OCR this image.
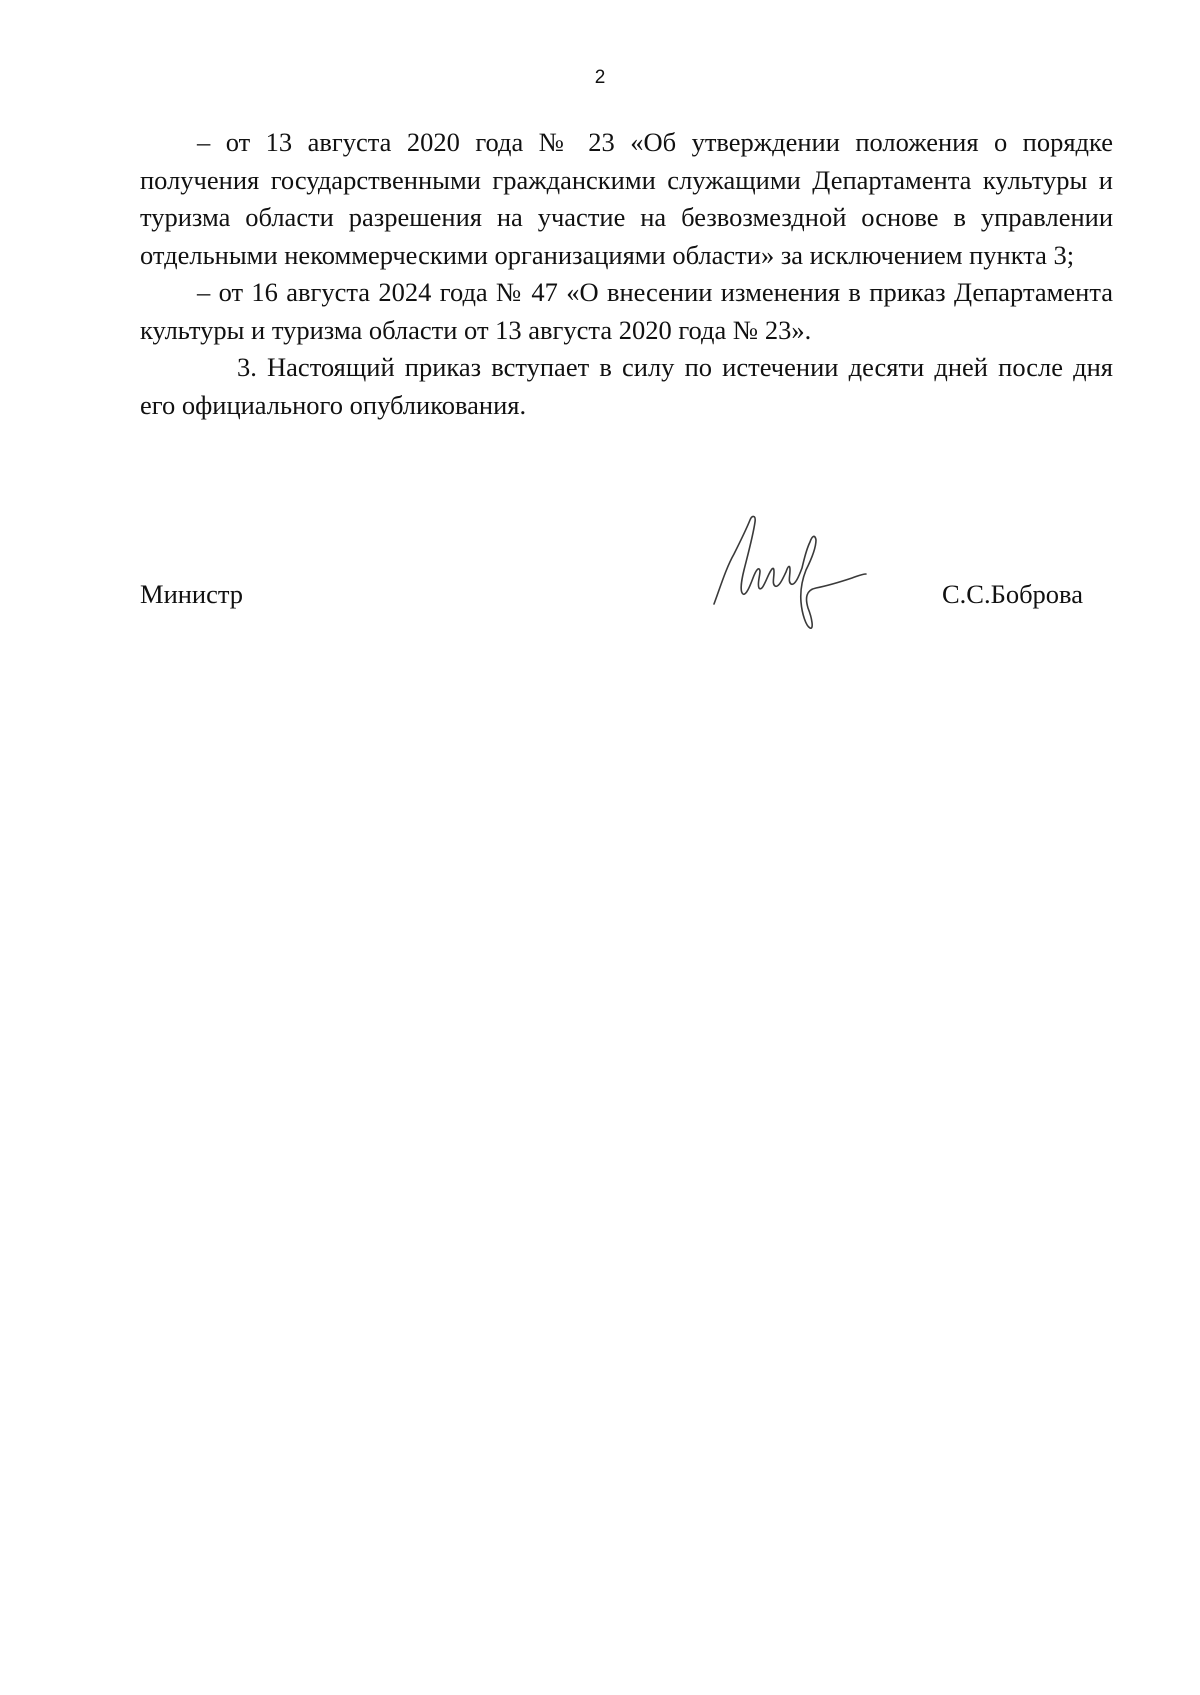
2

– от 13 августа 2020 года № 23 «Об утверждении положения о порядке получения государственными гражданскими служащими Департамента культуры и туризма области разрешения на участие на безвозмездной основе в управлении отдельными некоммерческими организациями области» за исключением пункта 3;

– от 16 августа 2024 года № 47 «О внесении изменения в приказ Департамента культуры и туризма области от 13 августа 2020 года № 23».

3. Настоящий приказ вступает в силу по истечении десяти дней после дня его официального опубликования.

Министр	С.С.Боброва
